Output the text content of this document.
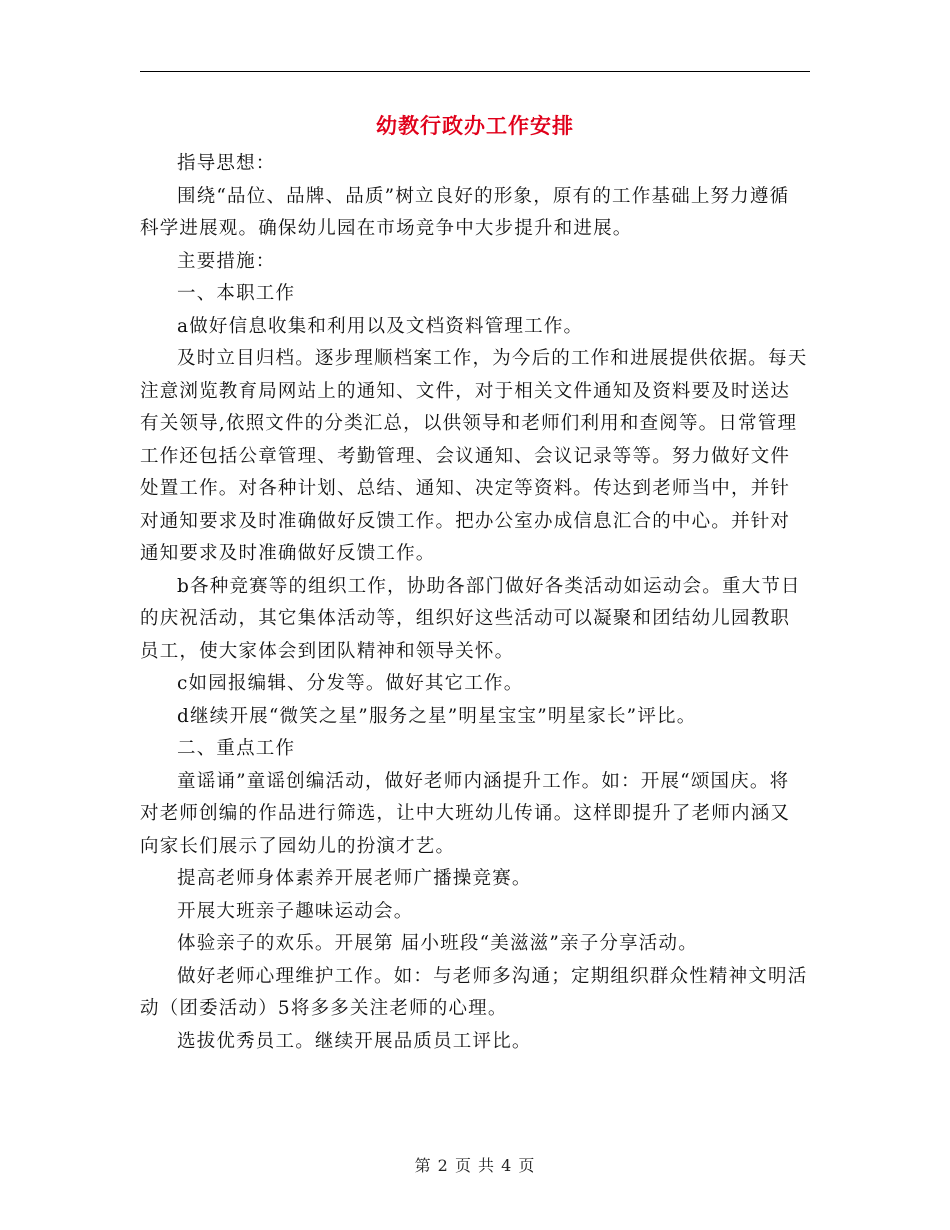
幼教行政办工作安排

指导思想：

围绕“品位、品牌、品质”树立良好的形象，原有的工作基础上努力遵循科学进展观。确保幼儿园在市场竞争中大步提升和进展。

主要措施：

一、本职工作

a做好信息收集和利用以及文档资料管理工作。

及时立目归档。逐步理顺档案工作，为今后的工作和进展提供依据。每天注意浏览教育局网站上的通知、文件，对于相关文件通知及资料要及时送达有关领导,依照文件的分类汇总，以供领导和老师们利用和查阅等。日常管理工作还包括公章管理、考勤管理、会议通知、会议记录等等。努力做好文件处置工作。对各种计划、总结、通知、决定等资料。传达到老师当中，并针对通知要求及时准确做好反馈工作。把办公室办成信息汇合的中心。并针对通知要求及时准确做好反馈工作。

b各种竞赛等的组织工作，协助各部门做好各类活动如运动会。重大节日的庆祝活动，其它集体活动等，组织好这些活动可以凝聚和团结幼儿园教职员工，使大家体会到团队精神和领导关怀。

c如园报编辑、分发等。做好其它工作。

d继续开展“微笑之星”服务之星”明星宝宝”明星家长”评比。

二、重点工作

童谣诵”童谣创编活动，做好老师内涵提升工作。如：开展“颂国庆。将对老师创编的作品进行筛选，让中大班幼儿传诵。这样即提升了老师内涵又向家长们展示了园幼儿的扮演才艺。

提高老师身体素养开展老师广播操竞赛。

开展大班亲子趣味运动会。

体验亲子的欢乐。开展第 届小班段“美滋滋”亲子分享活动。

做好老师心理维护工作。如：与老师多沟通；定期组织群众性精神文明活动（团委活动）5将多多关注老师的心理。

选拔优秀员工。继续开展品质员工评比。

第 2 页 共 4 页
